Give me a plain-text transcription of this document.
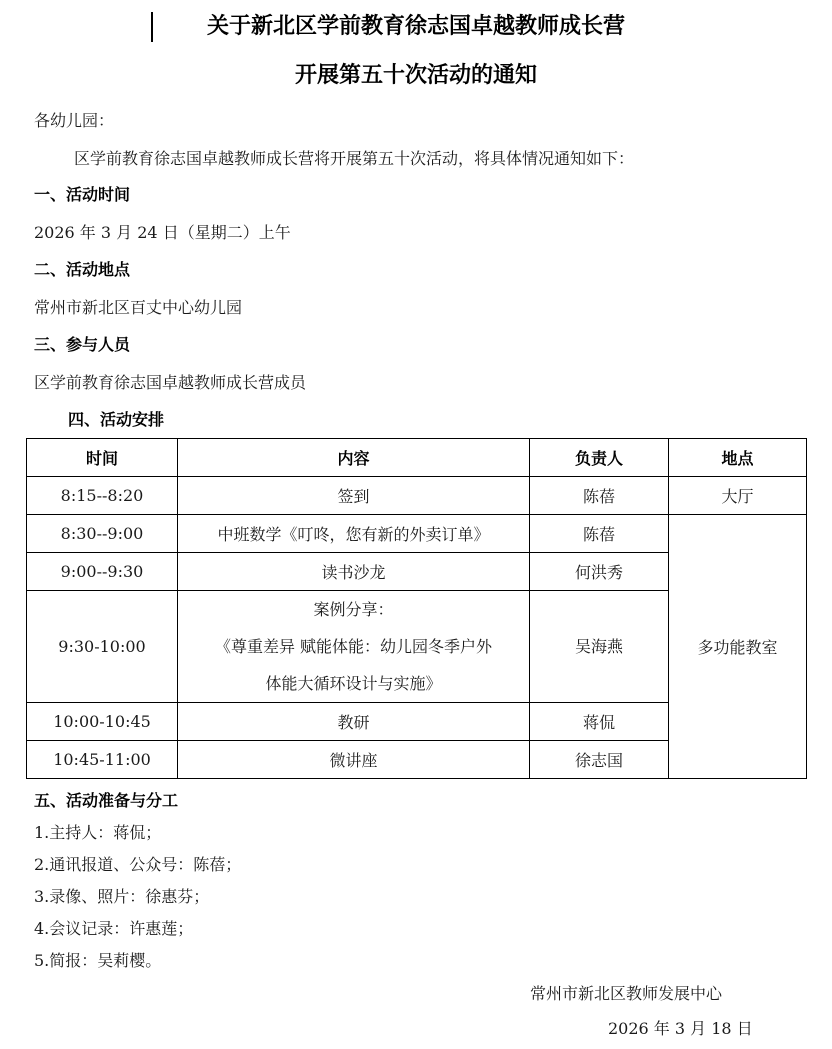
关于新北区学前教育徐志国卓越教师成长营
开展第五十次活动的通知
各幼儿园：
区学前教育徐志国卓越教师成长营将开展第五十次活动，将具体情况通知如下：
一、活动时间
2026 年 3 月 24 日（星期二）上午
二、活动地点
常州市新北区百丈中心幼儿园
三、参与人员
区学前教育徐志国卓越教师成长营成员
四、活动安排
时间	内容	负责人	地点
8:15--8:20	签到	陈蓓	大厅
8:30--9:00	中班数学《叮咚，您有新的外卖订单》	陈蓓	多功能教室
9:00--9:30	读书沙龙	何洪秀	
9:30-10:00	案例分享：
《尊重差异 赋能体能：幼儿园冬季户外
体能大循环设计与实施》	吴海燕	
10:00-10:45	教研	蒋侃	
10:45-11:00	微讲座	徐志国	
五、活动准备与分工
1.主持人：蒋侃；
2.通讯报道、公众号：陈蓓；
3.录像、照片：徐惠芬；
4.会议记录：许惠莲；
5.简报：吴莉樱。
常州市新北区教师发展中心
2026 年 3 月 18 日
